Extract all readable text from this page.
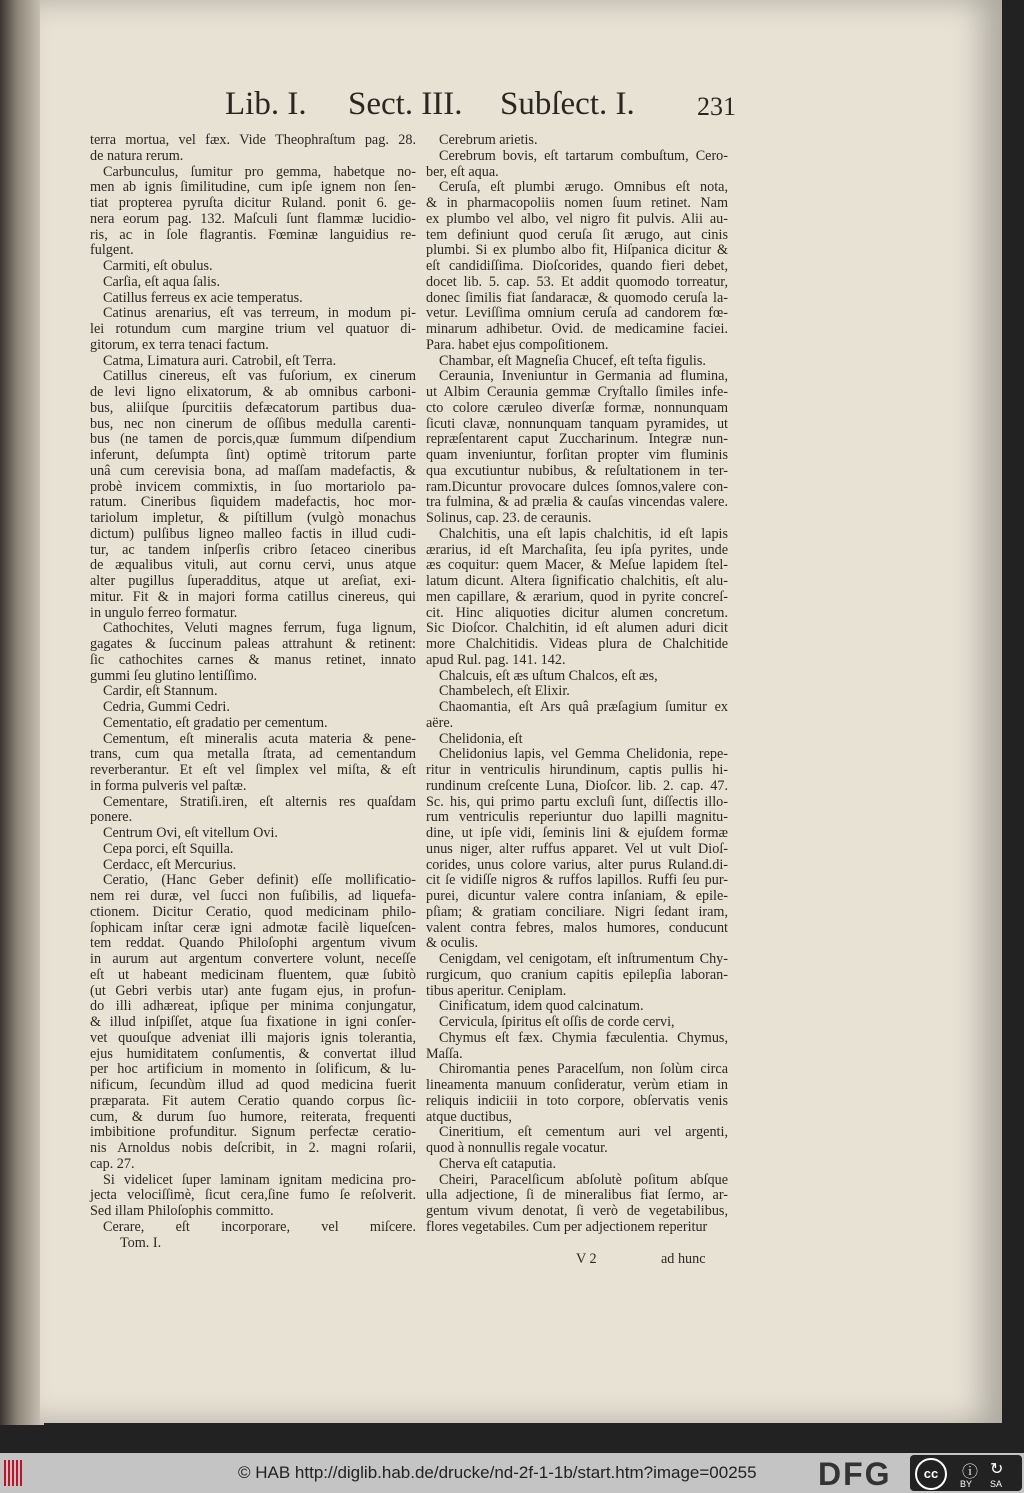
Lib. I. Sect. III. Subſect. I. 231
terra mortua, vel fæx. Vide Theophraſtum pag. 28.
de natura rerum.
Carbunculus, ſumitur pro gemma, habetque no-
men ab ignis ſimilitudine, cum ipſe ignem non ſen-
tiat propterea pyruſta dicitur Ruland. ponit 6. ge-
nera eorum pag. 132. Maſculi ſunt flammæ lucidio-
ris, ac in ſole flagrantis. Fœminæ languidius re-
fulgent.
Carmiti, eſt obulus.
Carſia, eſt aqua ſalis.
Catillus ferreus ex acie temperatus.
Catinus arenarius, eſt vas terreum, in modum pi-
lei rotundum cum margine trium vel quatuor di-
gitorum, ex terra tenaci factum.
Catma, Limatura auri. Catrobil, eſt Terra.
Catillus cinereus, eſt vas fuſorium, ex cinerum
de levi ligno elixatorum, & ab omnibus carboni-
bus, aliiſque ſpurcitiis defæcatorum partibus dua-
bus, nec non cinerum de oſſibus medulla carenti-
bus (ne tamen de porcis,quæ ſummum diſpendium
inferunt, deſumpta ſint) optimè tritorum parte
unâ cum cerevisia bona, ad maſſam madefactis, &
probè invicem commixtis, in ſuo mortariolo pa-
ratum. Cineribus ſiquidem madefactis, hoc mor-
tariolum impletur, & piſtillum (vulgò monachus
dictum) pulſibus ligneo malleo factis in illud cudi-
tur, ac tandem inſperſis cribro ſetaceo cineribus
de æqualibus vituli, aut cornu cervi, unus atque
alter pugillus ſuperadditus, atque ut areſiat, exi-
mitur. Fit & in majori forma catillus cinereus, qui
in ungulo ferreo formatur.
Cathochites, Veluti magnes ferrum, fuga lignum,
gagates & ſuccinum paleas attrahunt & retinent:
ſic cathochites carnes & manus retinet, innato
gummi ſeu glutino lentiſſimo.
Cardir, eſt Stannum.
Cedria, Gummi Cedri.
Cementatio, eſt gradatio per cementum.
Cementum, eſt mineralis acuta materia & pene-
trans, cum qua metalla ſtrata, ad cementandum
reverberantur. Et eſt vel ſimplex vel miſta, & eſt
in forma pulveris vel paſtæ.
Cementare, Stratiſi.iren, eſt alternis res quaſdam
ponere.
Centrum Ovi, eſt vitellum Ovi.
Cepa porci, eſt Squilla.
Cerdacc, eſt Mercurius.
Ceratio, (Hanc Geber definit) eſſe mollificatio-
nem rei duræ, vel ſucci non fuſibilis, ad liquefa-
ctionem. Dicitur Ceratio, quod medicinam philo-
ſophicam inſtar ceræ igni admotæ facilè liqueſcen-
tem reddat. Quando Philoſophi argentum vivum
in aurum aut argentum convertere volunt, neceſſe
eſt ut habeant medicinam fluentem, quæ ſubitò
(ut Gebri verbis utar) ante fugam ejus, in profun-
do illi adhæreat, ipſique per minima conjungatur,
& illud inſpiſſet, atque ſua fixatione in igni conſer-
vet quouſque adveniat illi majoris ignis tolerantia,
ejus humiditatem conſumentis, & convertat illud
per hoc artificium in momento in ſolificum, & lu-
nificum, ſecundùm illud ad quod medicina fuerit
præparata. Fit autem Ceratio quando corpus ſic-
cum, & durum ſuo humore, reiterata, frequenti
imbibitione profunditur. Signum perfectæ ceratio-
nis Arnoldus nobis deſcribit, in 2. magni roſarii,
cap. 27.
Si videlicet ſuper laminam ignitam medicina pro-
jecta velociſſimè, ſicut cera,ſine fumo ſe reſolverit.
Sed illam Philoſophis committo.
Cerare, eſt incorporare, vel miſcere.
Tom. I.
Cerebrum arietis.
Cerebrum bovis, eſt tartarum combuſtum, Cero-
ber, eſt aqua.
Ceruſa, eſt plumbi ærugo. Omnibus eſt nota,
& in pharmacopoliis nomen ſuum retinet. Nam
ex plumbo vel albo, vel nigro fit pulvis. Alii au-
tem definiunt quod ceruſa ſit ærugo, aut cinis
plumbi. Si ex plumbo albo fit, Hiſpanica dicitur &
eſt candidiſſima. Dioſcorides, quando fieri debet,
docet lib. 5. cap. 53. Et addit quomodo torreatur,
donec ſimilis fiat ſandaracæ, & quomodo ceruſa la-
vetur. Leviſſima omnium ceruſa ad candorem fœ-
minarum adhibetur. Ovid. de medicamine faciei.
Para. habet ejus compoſitionem.
Chambar, eſt Magneſia Chucef, eſt teſta figulis.
Ceraunia, Inveniuntur in Germania ad flumina,
ut Albim Ceraunia gemmæ Cryſtallo ſimiles infe-
cto colore cæruleo diverſæ formæ, nonnunquam
ſicuti clavæ, nonnunquam tanquam pyramides, ut
repræſentarent caput Zuccharinum. Integræ nun-
quam inveniuntur, forſitan propter vim fluminis
qua excutiuntur nubibus, & reſultationem in ter-
ram.Dicuntur provocare dulces ſomnos,valere con-
tra fulmina, & ad prælia & cauſas vincendas valere.
Solinus, cap. 23. de ceraunis.
Chalchitis, una eſt lapis chalchitis, id eſt lapis
ærarius, id eſt Marchaſita, ſeu ipſa pyrites, unde
æs coquitur: quem Macer, & Meſue lapidem ſtel-
latum dicunt. Altera ſignificatio chalchitis, eſt alu-
men capillare, & ærarium, quod in pyrite concreſ-
cit. Hinc aliquoties dicitur alumen concretum.
Sic Dioſcor. Chalchitin, id eſt alumen aduri dicit
more Chalchitidis. Videas plura de Chalchitide
apud Rul. pag. 141. 142.
Chalcuis, eſt æs uſtum Chalcos, eſt æs,
Chambelech, eſt Elixir.
Chaomantia, eſt Ars quâ præſagium ſumitur ex
aëre.
Chelidonia, eſt
Chelidonius lapis, vel Gemma Chelidonia, repe-
ritur in ventriculis hirundinum, captis pullis hi-
rundinum creſcente Luna, Dioſcor. lib. 2. cap. 47.
Sc. his, qui primo partu excluſi ſunt, diſſectis illo-
rum ventriculis reperiuntur duo lapilli magnitu-
dine, ut ipſe vidi, ſeminis lini & ejuſdem formæ
unus niger, alter ruffus apparet. Vel ut vult Dioſ-
corides, unus colore varius, alter purus Ruland.di-
cit ſe vidiſſe nigros & ruffos lapillos. Ruffi ſeu pur-
purei, dicuntur valere contra inſaniam, & epile-
pſiam; & gratiam conciliare. Nigri ſedant iram,
valent contra febres, malos humores, conducunt
& oculis.
Cenigdam, vel cenigotam, eſt inſtrumentum Chy-
rurgicum, quo cranium capitis epilepſia laboran-
tibus aperitur. Ceniplam.
Cinificatum, idem quod calcinatum.
Cervicula, ſpiritus eſt oſſis de corde cervi,
Chymus eſt fæx. Chymia fæculentia. Chymus,
Maſſa.
Chiromantia penes Paracelſum, non ſolùm circa
lineamenta manuum conſideratur, verùm etiam in
reliquis indiciii in toto corpore, obſervatis venis
atque ductibus,
Cineritium, eſt cementum auri vel argenti,
quod à nonnullis regale vocatur.
Cherva eſt cataputia.
Cheiri, Paracelſicum abſolutè poſitum abſque
ulla adjectione, ſi de mineralibus fiat ſermo, ar-
gentum vivum denotat, ſi verò de vegetabilibus,
flores vegetabiles. Cum per adjectionem reperitur
V 2	ad hunc
© HAB http://diglib.hab.de/drucke/nd-2f-1-1b/start.htm?image=00255 DFG	cc	ⓘ ↻
BY SA
